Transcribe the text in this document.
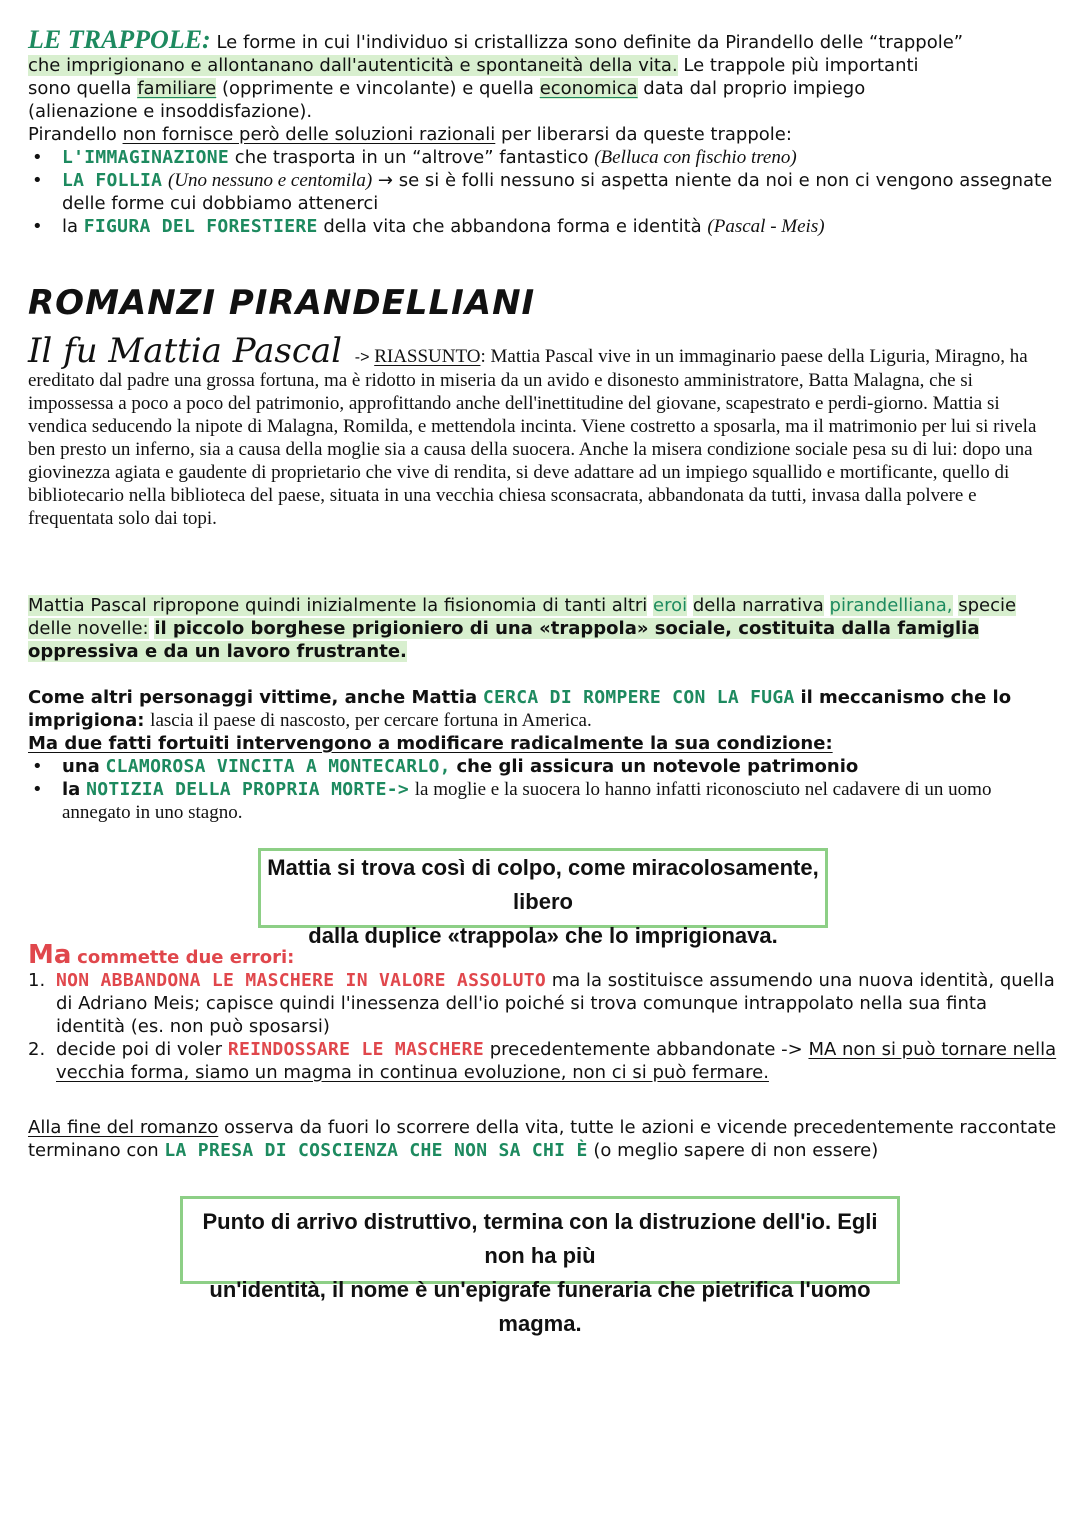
LE TRAPPOLE: Le forme in cui l'individuo si cristallizza sono definite da Pirandello delle “trappole”
che imprigionano e allontanano dall'autenticità e spontaneità della vita. Le trappole più importanti
sono quella familiare (opprimente e vincolante) e quella economica data dal proprio impiego
(alienazione e insoddisfazione).
Pirandello non fornisce però delle soluzioni razionali per liberarsi da queste trappole:
• L'IMMAGINAZIONE che trasporta in un “altrove” fantastico (Belluca con fischio treno)
• LA FOLLIA (Uno nessuno e centomila) → se si è folli nessuno si aspetta niente da noi e non ci vengono assegnate delle forme cui dobbiamo attenerci
• la FIGURA DEL FORESTIERE della vita che abbandona forma e identità (Pascal - Meis)
ROMANZI PIRANDELLIANI
Il fu Mattia Pascal -> RIASSUNTO: Mattia Pascal vive in un immaginario paese della Liguria, Miragno, ha ereditato dal padre una grossa fortuna, ma è ridotto in miseria da un avido e disonesto amministratore, Batta Malagna, che si impossessa a poco a poco del patrimonio, approfittando anche dell'inettitudine del giovane, scapestrato e perdi-giorno. Mattia si vendica seducendo la nipote di Malagna, Romilda, e mettendola incinta. Viene costretto a sposarla, ma il matrimonio per lui si rivela ben presto un inferno, sia a causa della moglie sia a causa della suocera. Anche la misera condizione sociale pesa su di lui: dopo una giovinezza agiata e gaudente di proprietario che vive di rendita, si deve adattare ad un impiego squallido e mortificante, quello di bibliotecario nella biblioteca del paese, situata in una vecchia chiesa sconsacrata, abbandonata da tutti, invasa dalla polvere e frequentata solo dai topi.
Mattia Pascal ripropone quindi inizialmente la fisionomia di tanti altri eroi della narrativa pirandelliana, specie delle novelle: il piccolo borghese prigioniero di una «trappola» sociale, costituita dalla famiglia oppressiva e da un lavoro frustrante.
Come altri personaggi vittime, anche Mattia CERCA DI ROMPERE CON LA FUGA il meccanismo che lo imprigiona: lascia il paese di nascosto, per cercare fortuna in America.
Ma due fatti fortuiti intervengono a modificare radicalmente la sua condizione:
• una CLAMOROSA VINCITA A MONTECARLO, che gli assicura un notevole patrimonio
• la NOTIZIA DELLA PROPRIA MORTE-> la moglie e la suocera lo hanno infatti riconosciuto nel cadavere di un uomo annegato in uno stagno.
Mattia si trova così di colpo, come miracolosamente, libero
dalla duplice «trappola» che lo imprigionava.
Ma commette due errori:
1. NON ABBANDONA LE MASCHERE IN VALORE ASSOLUTO ma la sostituisce assumendo una nuova identità, quella di Adriano Meis; capisce quindi l'inessenza dell'io poiché si trova comunque intrappolato nella sua finta identità (es. non può sposarsi)
2. decide poi di voler REINDOSSARE LE MASCHERE precedentemente abbandonate -> MA non si può tornare nella vecchia forma, siamo un magma in continua evoluzione, non ci si può fermare.
Alla fine del romanzo osserva da fuori lo scorrere della vita, tutte le azioni e vicende precedentemente raccontate terminano con LA PRESA DI COSCIENZA CHE NON SA CHI È (o meglio sapere di non essere)
Punto di arrivo distruttivo, termina con la distruzione dell'io. Egli non ha più
un'identità, il nome è un'epigrafe funeraria che pietrifica l'uomo magma.
